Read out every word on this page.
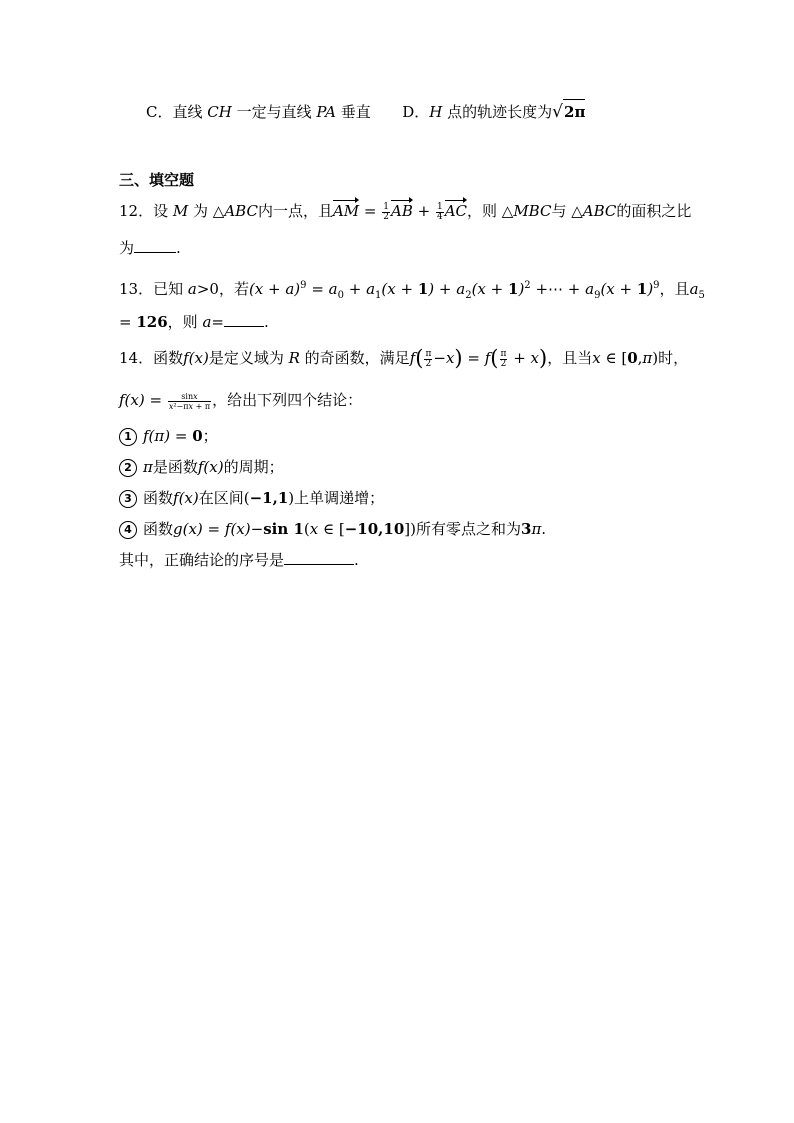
C．直线 CH 一定与直线 PA 垂直 D．H 点的轨迹长度为√2π
三、填空题
12．设 M 为 △ABC内一点，且AM = $\frac{1}{2}$ AB + $\frac{1}{4}$ AC，则 △MBC与 △ABC的面积之比
为	.
13．已知 a>0，若$(x + a)^9 = a_0 + a_1(x + 1) + a_2(x + 1)^2$ +⋯ + $a_9(x + 1)^9$，且$a_5$
= 126，则 a=	.
14．函数f(x)是定义域为 R 的奇函数，满足$f( \frac{\pi}{2} -x) = f( \frac{\pi}{2} + x)$，且当x ∈ [0,π)时，
$f(x) = \frac{\sin x}{\text{x²−πx + π}}$ ，给出下列四个结论：
1 f(π) = 0；
2 π是函数f(x)的周期；
3 函数f(x)在区间(−1,1)上单调递增；
4 函数g(x) = f(x)−sin 1(x ∈ [−10,10])所有零点之和为3π.
其中，正确结论的序号是	.
